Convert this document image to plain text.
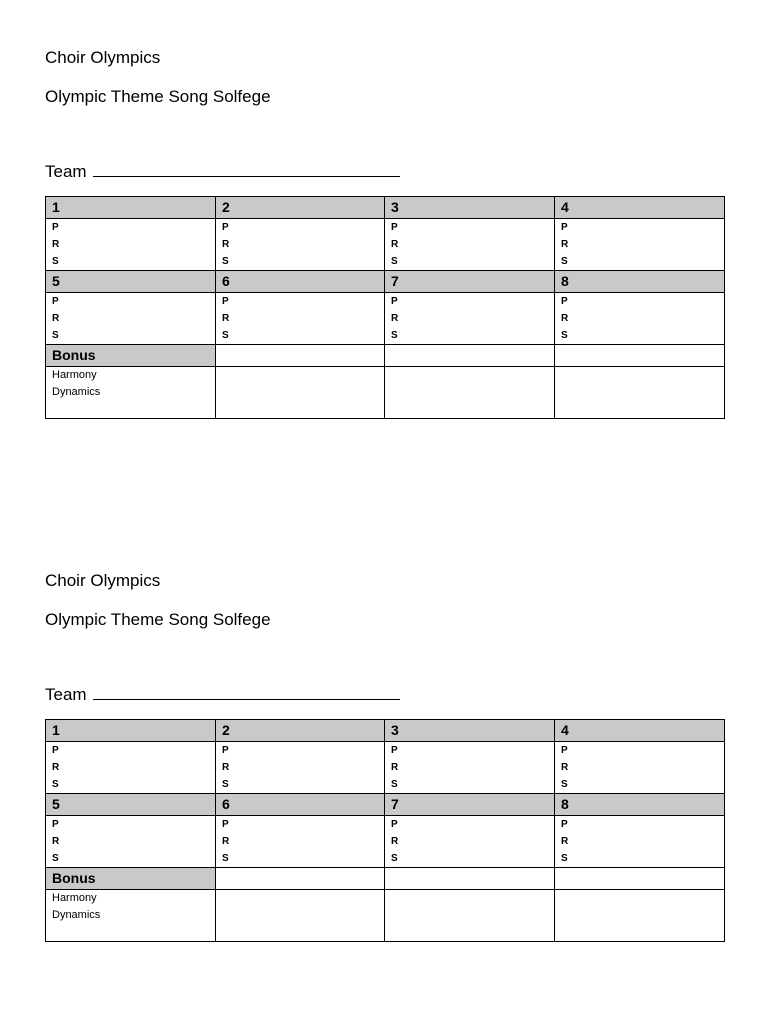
Choir Olympics
Olympic Theme Song Solfege
Team
1	2	3	4

P
R
S	P
R
S	P
R
S	P
R
S

5	6	7	8

P
R
S	P
R
S	P
R
S	P
R
S

Bonus			

Harmony
Dynamics			

Choir Olympics
Olympic Theme Song Solfege
Team
1	2	3	4

P
R
S	P
R
S	P
R
S	P
R
S

5	6	7	8

P
R
S	P
R
S	P
R
S	P
R
S

Bonus			

Harmony
Dynamics			
